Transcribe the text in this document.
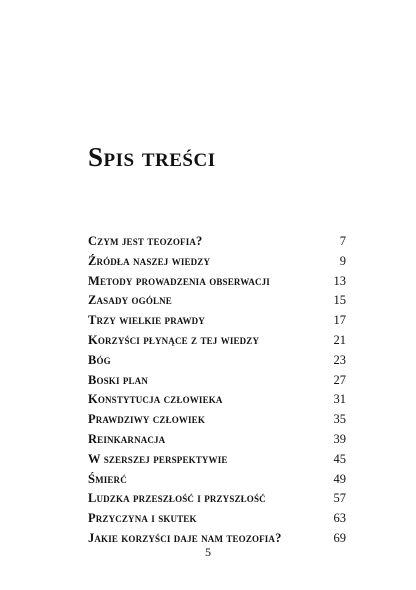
Spis treści
Czym jest teozofia?	7
Źródła naszej wiedzy	9
Metody prowadzenia obserwacji	13
Zasady ogólne	15
Trzy wielkie prawdy	17
Korzyści płynące z tej wiedzy	21
Bóg	23
Boski plan	27
Konstytucja człowieka	31
Prawdziwy człowiek	35
Reinkarnacja	39
W szerszej perspektywie	45
Śmierć	49
Ludzka przeszłość i przyszłość	57
Przyczyna i skutek	63
Jakie korzyści daje nam teozofia?	69
5
